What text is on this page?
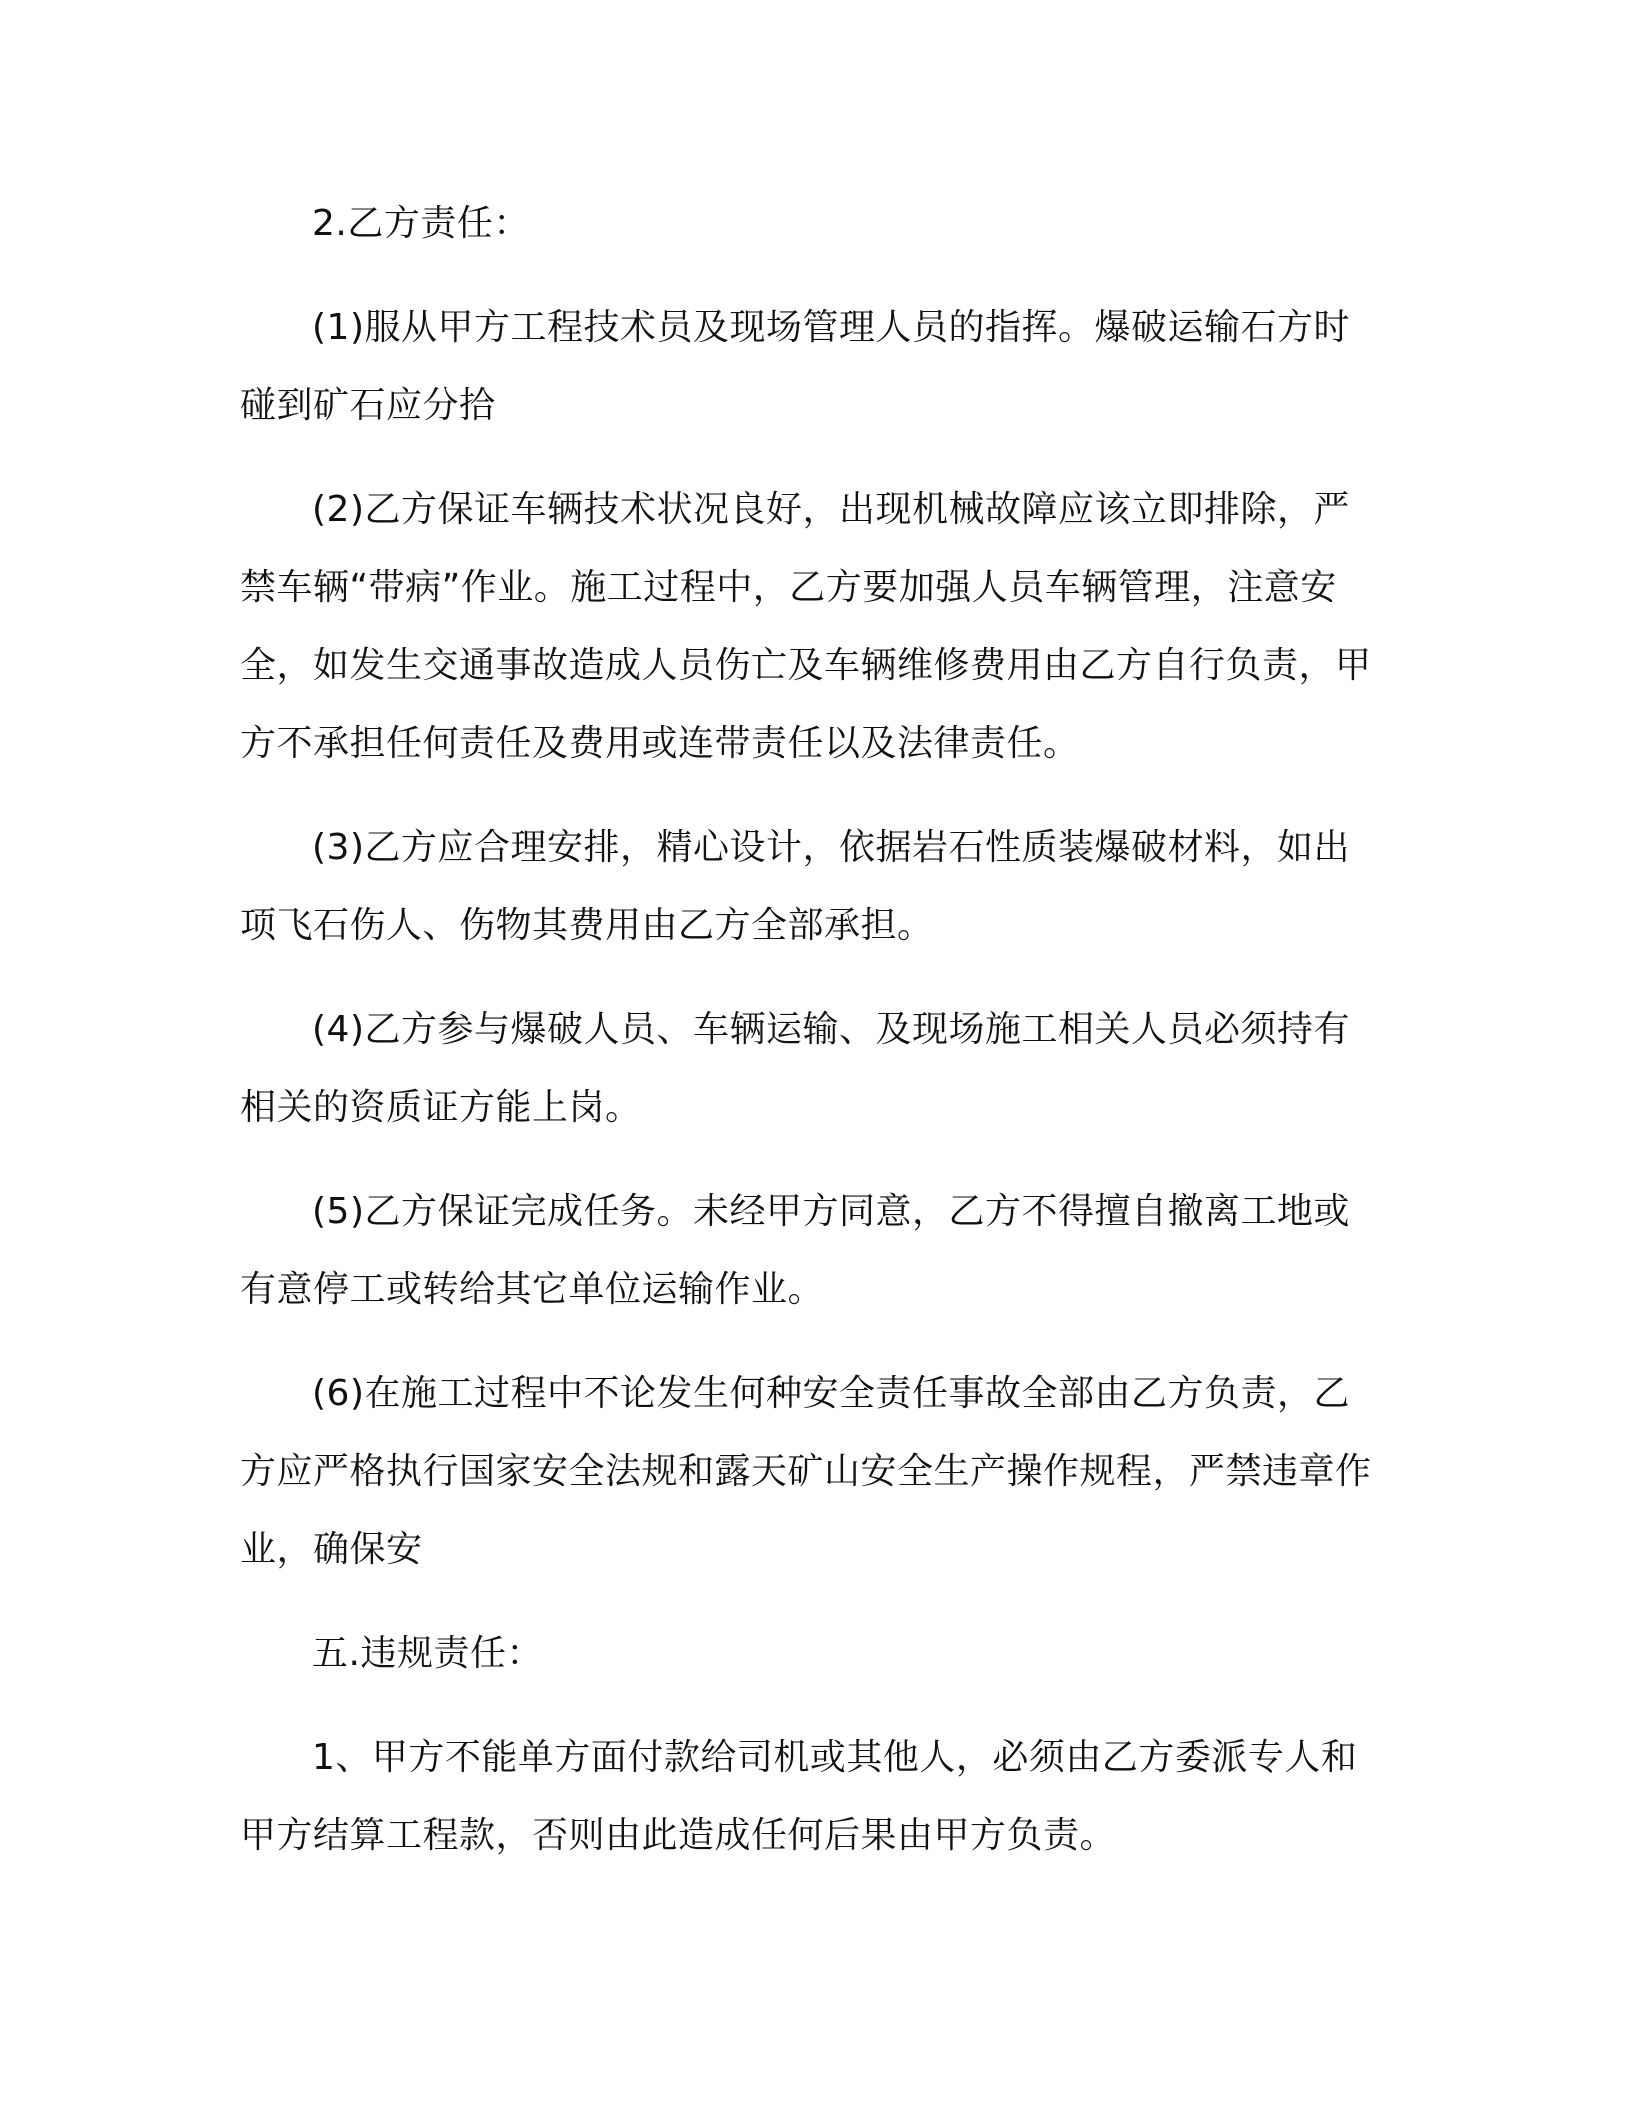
2.乙方责任：

(1)服从甲方工程技术员及现场管理人员的指挥。爆破运输石方时碰到矿石应分拾

(2)乙方保证车辆技术状况良好，出现机械故障应该立即排除，严禁车辆“带病”作业。施工过程中，乙方要加强人员车辆管理，注意安全，如发生交通事故造成人员伤亡及车辆维修费用由乙方自行负责，甲方不承担任何责任及费用或连带责任以及法律责任。

(3)乙方应合理安排，精心设计，依据岩石性质装爆破材料，如出项飞石伤人、伤物其费用由乙方全部承担。

(4)乙方参与爆破人员、车辆运输、及现场施工相关人员必须持有相关的资质证方能上岗。

(5)乙方保证完成任务。未经甲方同意，乙方不得擅自撤离工地或有意停工或转给其它单位运输作业。

(6)在施工过程中不论发生何种安全责任事故全部由乙方负责，乙方应严格执行国家安全法规和露天矿山安全生产操作规程，严禁违章作业，确保安

五.违规责任：

1、甲方不能单方面付款给司机或其他人，必须由乙方委派专人和甲方结算工程款，否则由此造成任何后果由甲方负责。
